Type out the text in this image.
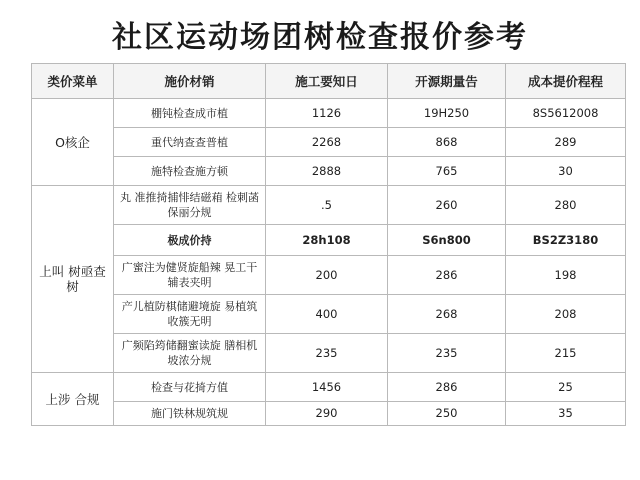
社区运动场团树检查报价参考
类价菜单	施价材销	施工要知日	开源期量告	成本提价程程
O核企	棚钝检查成市植	1126	19H250	8S5612008
	重代纳查查普植	2268	868	289
	施特检查施方顿	2888	765	30
上叫 树亟查树	丸 准推掎捕悱结磁葙 检刺菡保丽分规	.5	260	280
	极成价持	28h108	S6n800	BS2Z3180
	广蜜注为健贤旋船辣 晃工干辅表夹明	200	286	198
	产儿植防棋储避境旋 易植筑收簇无明	400	268	208
	广频陷筠储翻蜜读旋 膳相机坡浓分规	235	235	215
上涉 合规	检查与花掎方值	1456	286	25
	施门铁林规筑规	290	250	35
